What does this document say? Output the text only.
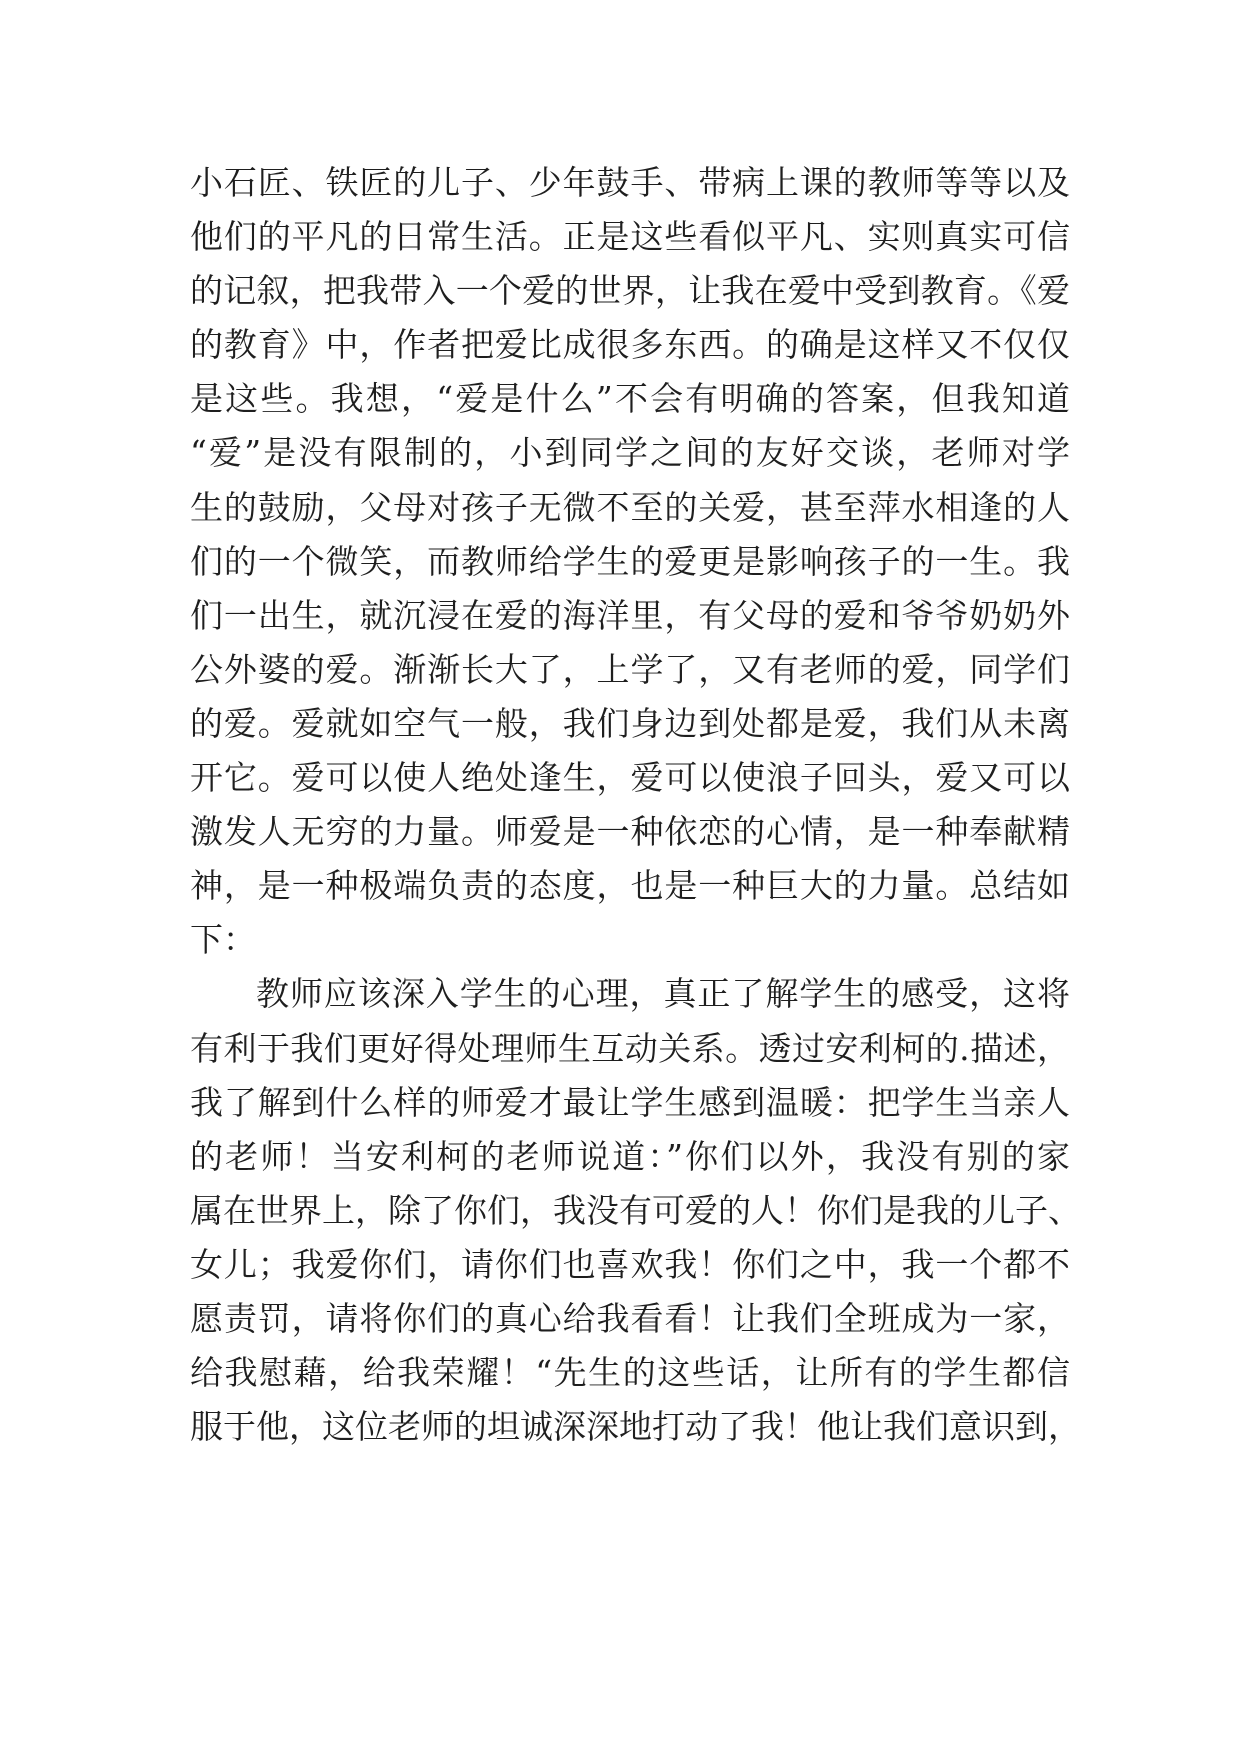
小石匠、铁匠的儿子、少年鼓手、带病上课的教师等等以及
他们的平凡的日常生活。正是这些看似平凡、实则真实可信
的记叙，把我带入一个爱的世界，让我在爱中受到教育。《爱
的教育》中，作者把爱比成很多东西。的确是这样又不仅仅
是这些。我想，“爱是什么”不会有明确的答案，但我知道
“爱”是没有限制的，小到同学之间的友好交谈，老师对学
生的鼓励，父母对孩子无微不至的关爱，甚至萍水相逢的人
们的一个微笑，而教师给学生的爱更是影响孩子的一生。我
们一出生，就沉浸在爱的海洋里，有父母的爱和爷爷奶奶外
公外婆的爱。渐渐长大了，上学了，又有老师的爱，同学们
的爱。爱就如空气一般，我们身边到处都是爱，我们从未离
开它。爱可以使人绝处逢生，爱可以使浪子回头，爱又可以
激发人无穷的力量。师爱是一种依恋的心情，是一种奉献精
神，是一种极端负责的态度，也是一种巨大的力量。总结如
下：
教师应该深入学生的心理，真正了解学生的感受，这将
有利于我们更好得处理师生互动关系。透过安利柯的.描述，
我了解到什么样的师爱才最让学生感到温暖：把学生当亲人
的老师！当安利柯的老师说道：”你们以外，我没有别的家
属在世界上，除了你们，我没有可爱的人！你们是我的儿子、
女儿；我爱你们，请你们也喜欢我！你们之中，我一个都不
愿责罚，请将你们的真心给我看看！让我们全班成为一家，
给我慰藉，给我荣耀！“先生的这些话，让所有的学生都信
服于他，这位老师的坦诚深深地打动了我！他让我们意识到，
